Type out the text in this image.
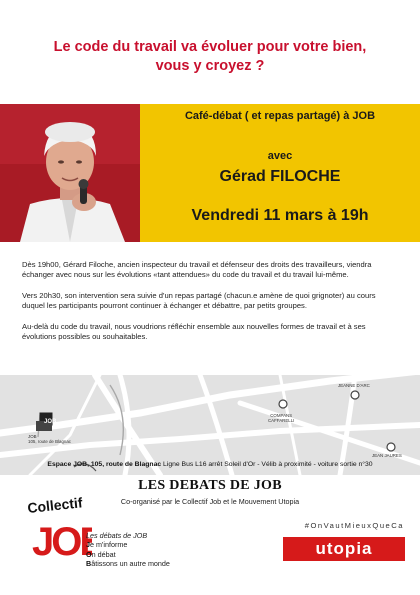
Le code du travail va évoluer pour votre bien,
vous y croyez ?
Café-débat ( et repas partagé) à JOB
avec
Gérad FILOCHE
Vendredi 11 mars à 19h

Dès 19h00, Gérard Filoche, ancien inspecteur du travail et défenseur des droits des travailleurs, viendra échanger avec nous sur les évolutions «tant attendues» du code du travail et du travail lui-même.

Vers 20h30, son intervention sera suivie d'un repas partagé (chacun.e amène de quoi grignoter) au cours duquel les participants pourront continuer à échanger et débattre, par petits groupes.

Au-delà du code du travail, nous voudrions réfléchir ensemble aux nouvelles formes de travail et à ses évolutions possibles ou souhaitables.

JOB
JOB
105, route de Blagnac
COMPANS
CAFFARELLI
JEANNE D'ARC
JEAN JAURES
Espace JOB, 105, route de Blagnac Ligne Bus L16 arrêt Soleil d'Or - Vélib à proximité - voiture sortie n°30
LES DEBATS DE JOB
Co-organisé par le Collectif Job et le Mouvement Utopia
Collectif
JO Les débats de JOB
Je m'informe
On débat
Bâtissons un autre monde
#OnVautMieuxQueCa
utopia
